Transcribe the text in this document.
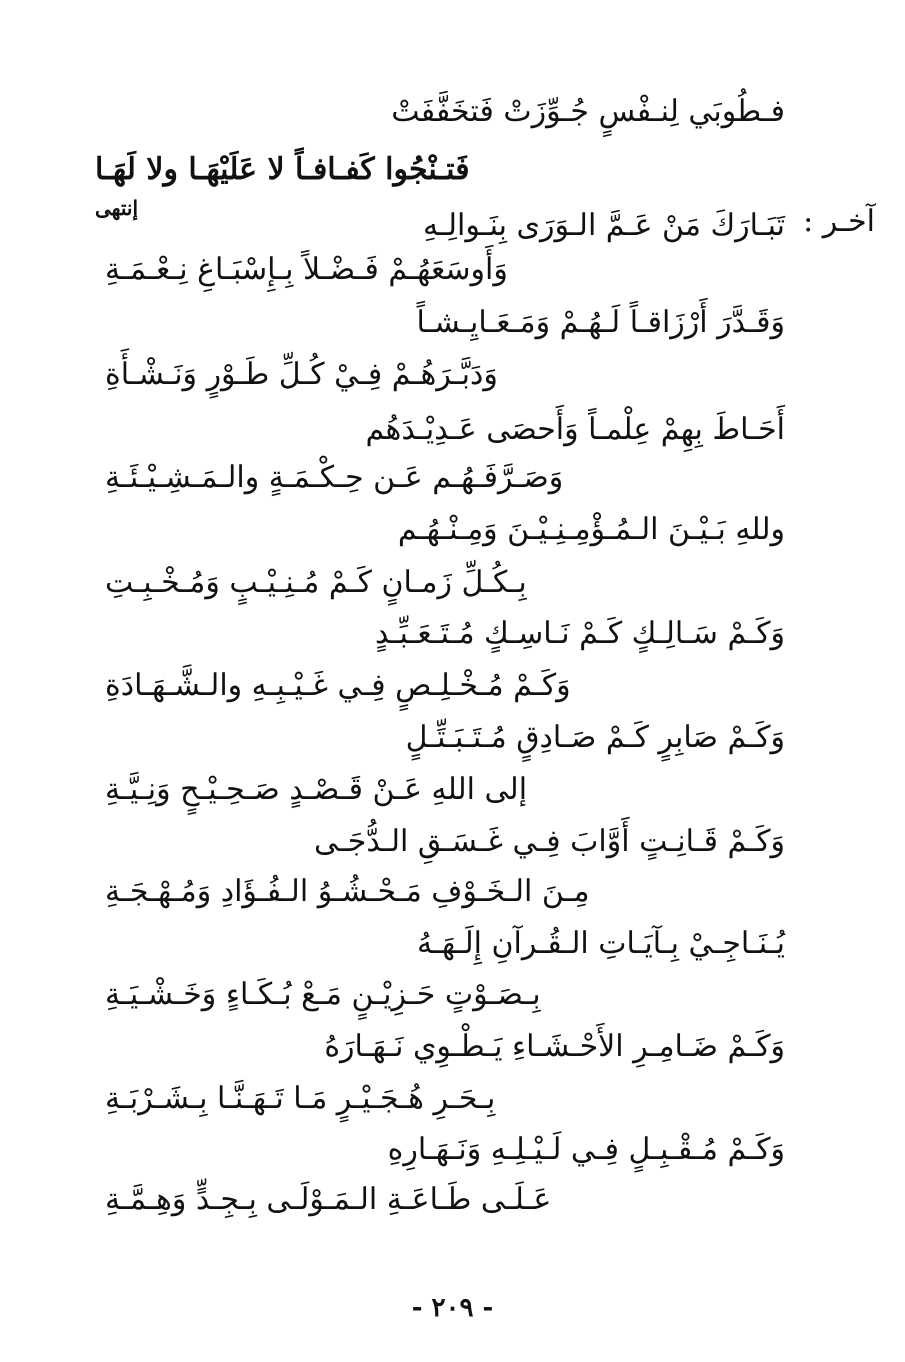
فـطُوبَي لِنـفْسٍ جُـوِّزَتْ فَتخَفَّفَتْ
فَتـنْجُوا كَفـافـاً لا عَلَيْهَـا ولا لَهَـا
آخـر :
إنتهى	تَبَـارَكَ مَنْ عَـمَّ الـوَرَى بِنَـوالِـهِ
وَأَوسَعَهُـمْ فَـضْـلاً بِـإِسْبَـاغِ نِـعْـمَـةِ
وَقَـدَّرَ أَرْزَاقـاً لَـهُـمْ وَمَـعَـايِـشـاً
وَدَبَّـرَهُـمْ فِـيْ كُـلِّ طَـوْرٍ وَنَـشْـأَةِ
أَحَـاطَ بِهِمْ عِلْمـاً وَأَحصَى عَـدِيْـدَهُم
وَصَـرَّفَـهُـم عَـن حِـكْـمَـةٍ والـمَـشِـيْـئَـةِ
وللهِ بَـيْـنَ الـمُـؤْمِـنِـيْـنَ وَمِـنْـهُـم
بِـكُـلِّ زَمـانٍ كَـمْ مُـنِـيْـبٍ وَمُـخْـبِـتِ
وَكَـمْ سَـالِـكٍ كَـمْ نَـاسِـكٍ مُـتَـعَـبِّـدٍ
وَكَـمْ مُـخْـلِـصٍ فِـي غَـيْـبِـهِ والـشَّـهَـادَةِ
وَكَـمْ صَابِرٍ كَـمْ صَـادِقٍ مُـتَـبَـتِّـلٍ
إلى اللهِ عَـنْ قَـصْـدٍ صَـحِـيْـحٍ وَنِـيَّـةِ
وَكَـمْ قَـانِـتٍ أَوَّابَ فِـي غَـسَـقِ الـدُّجَـى
مِـنَ الـخَـوْفِ مَـحْـشُـوُ الـفُـؤَادِ وَمُـهْـجَـةِ
يُـنَـاجِـيْ بِـآيَـاتِ الـقُـرآنِ إِلَـهَـهُ
بِـصَـوْتٍ حَـزِيْـنٍ مَـعْ بُـكَـاءٍ وَخَـشْـيَـةِ
وَكَـمْ ضَـامِـرِ الأَحْـشَـاءِ يَـطْـوِي نَـهَـارَهُ
بِـحَـرِ هُـجَـيْـرٍ مَـا تَـهَـنَّـا بِـشَـرْبَـةِ
وَكَـمْ مُـقْـبِـلٍ فِـي لَـيْـلِـهِ وَنَـهَـارِهِ
عَـلَـى طَـاعَـةِ الـمَـوْلَـى بِـجِـدٍّ وَهِـمَّـةِ
- ٢٠٩ -
